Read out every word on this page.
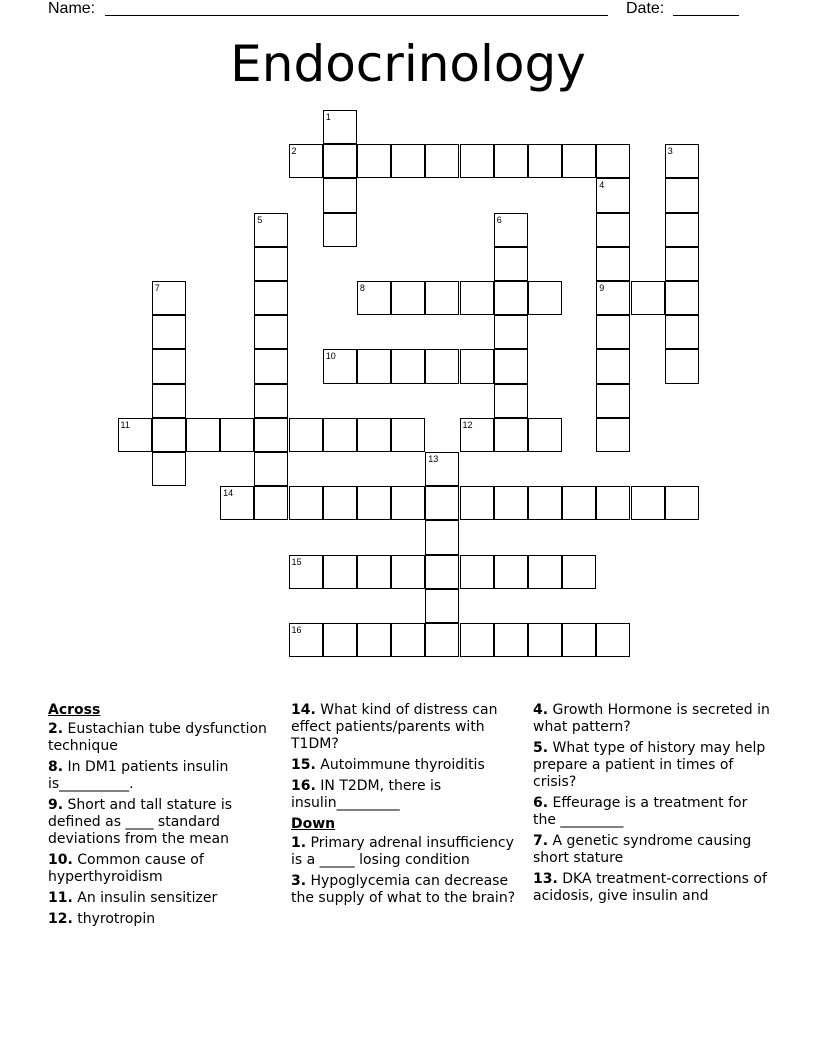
Name:	Date:
Endocrinology
1
2	3
4
9
5	6
7	8
10
11	12
13
14
15
16
Across
2. Eustachian tube dysfunction technique
8. In DM1 patients insulin is__________.
9. Short and tall stature is defined as ____ standard deviations from the mean
10. Common cause of hyperthyroidism
11. An insulin sensitizer
12. thyrotropin
14. What kind of distress can effect patients/parents with T1DM?
15. Autoimmune thyroiditis
16. IN T2DM, there is insulin_________
Down
1. Primary adrenal insufficiency is a _____ losing condition
3. Hypoglycemia can decrease the supply of what to the brain?
4. Growth Hormone is secreted in what pattern?
5. What type of history may help prepare a patient in times of crisis?
6. Effeurage is a treatment for the _________
7. A genetic syndrome causing short stature
13. DKA treatment-corrections of acidosis, give insulin and
